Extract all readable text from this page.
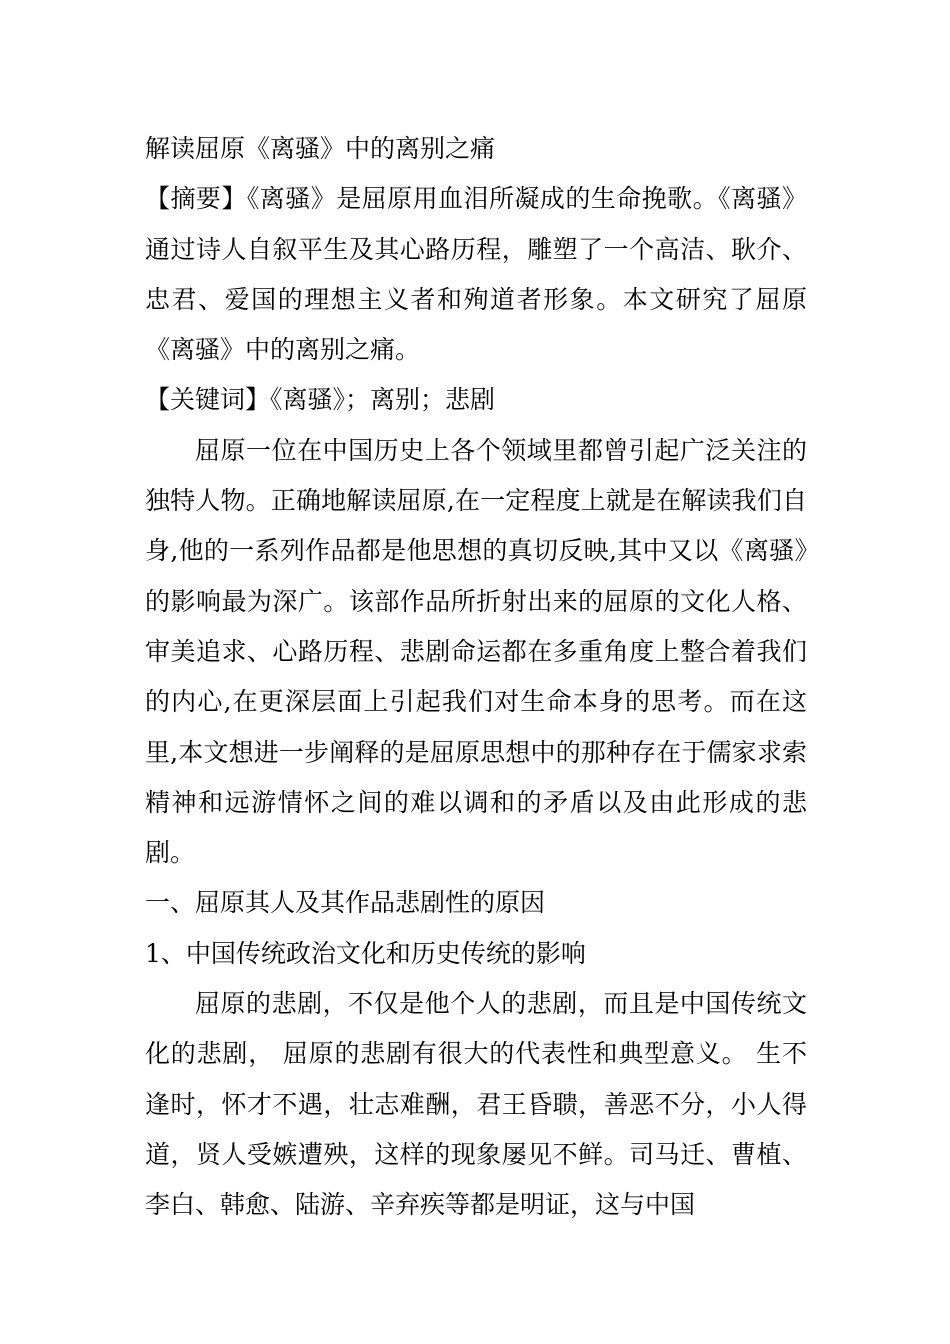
解读屈原《离骚》中的离别之痛

【摘要】《离骚》是屈原用血泪所凝成的生命挽歌。《离骚》通过诗人自叙平生及其心路历程，雕塑了一个高洁、耿介、忠君、爱国的理想主义者和殉道者形象。本文研究了屈原《离骚》中的离别之痛。

【关键词】《离骚》；离别；悲剧

屈原一位在中国历史上各个领域里都曾引起广泛关注的独特人物。正确地解读屈原,在一定程度上就是在解读我们自身,他的一系列作品都是他思想的真切反映,其中又以《离骚》的影响最为深广。该部作品所折射出来的屈原的文化人格、审美追求、心路历程、悲剧命运都在多重角度上整合着我们的内心,在更深层面上引起我们对生命本身的思考。而在这里,本文想进一步阐释的是屈原思想中的那种存在于儒家求索精神和远游情怀之间的难以调和的矛盾以及由此形成的悲剧。

一、屈原其人及其作品悲剧性的原因

1、中国传统政治文化和历史传统的影响

屈原的悲剧，不仅是他个人的悲剧，而且是中国传统文化的悲剧， 屈原的悲剧有很大的代表性和典型意义。 生不逢时，怀才不遇，壮志难酬，君王昏聩，善恶不分，小人得道，贤人受嫉遭殃，这样的现象屡见不鲜。司马迁、曹植、李白、韩愈、陆游、辛弃疾等都是明证，这与中国
